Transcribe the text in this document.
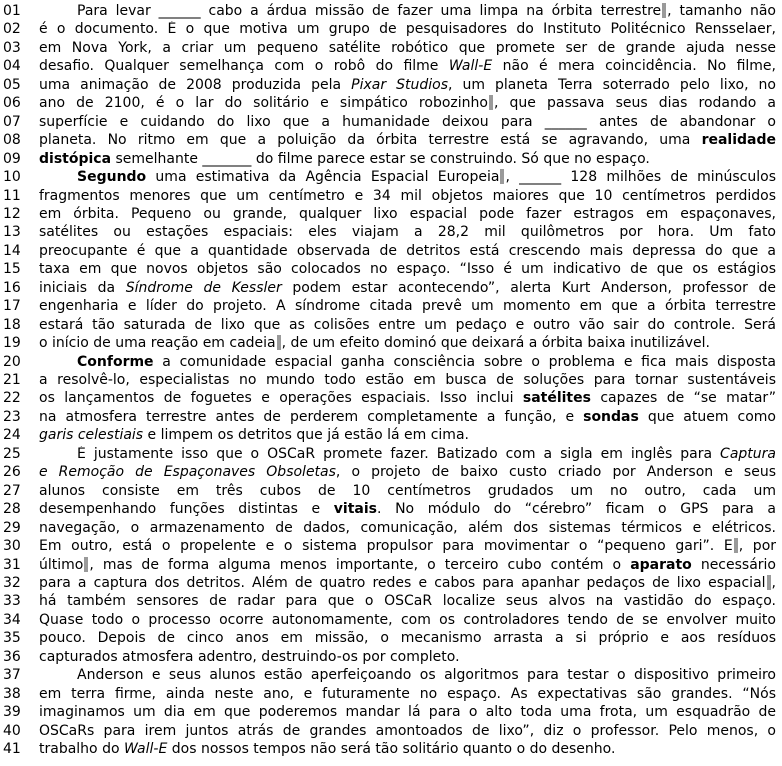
01	Para levar ______ cabo a árdua missão de fazer uma limpa na órbita terrestre , tamanho não
02 é o documento. É o que motiva um grupo de pesquisadores do Instituto Politécnico Rensselaer,
03 em Nova York, a criar um pequeno satélite robótico que promete ser de grande ajuda nesse
04 desafio. Qualquer semelhança com o robô do filme Wall-E não é mera coincidência. No filme,
05 uma animação de 2008 produzida pela Pixar Studios, um planeta Terra soterrado pelo lixo, no
06 ano de 2100, é o lar do solitário e simpático robozinho , que passava seus dias rodando a
07 superfície e cuidando do lixo que a humanidade deixou para ______ antes de abandonar o
08 planeta. No ritmo em que a poluição da órbita terrestre está se agravando, uma realidade
09 distópica semelhante _______ do filme parece estar se construindo. Só que no espaço.
10	Segundo uma estimativa da Agência Espacial Europeia , ______ 128 milhões de minúsculos
11 fragmentos menores que um centímetro e 34 mil objetos maiores que 10 centímetros perdidos
12 em órbita. Pequeno ou grande, qualquer lixo espacial pode fazer estragos em espaçonaves,
13 satélites ou estações espaciais: eles viajam a 28,2 mil quilômetros por hora. Um fato
14 preocupante é que a quantidade observada de detritos está crescendo mais depressa do que a
15 taxa em que novos objetos são colocados no espaço. “Isso é um indicativo de que os estágios
16 iniciais da Síndrome de Kessler podem estar acontecendo”, alerta Kurt Anderson, professor de
17 engenharia e líder do projeto. A síndrome citada prevê um momento em que a órbita terrestre
18 estará tão saturada de lixo que as colisões entre um pedaço e outro vão sair do controle. Será
19 o início de uma reação em cadeia , de um efeito dominó que deixará a órbita baixa inutilizável.
20	Conforme a comunidade espacial ganha consciência sobre o problema e fica mais disposta
21 a resolvê-lo, especialistas no mundo todo estão em busca de soluções para tornar sustentáveis
22 os lançamentos de foguetes e operações espaciais. Isso inclui satélites capazes de “se matar”
23 na atmosfera terrestre antes de perderem completamente a função, e sondas que atuem como
24 garis celestiais e limpem os detritos que já estão lá em cima.
25	É justamente isso que o OSCaR promete fazer. Batizado com a sigla em inglês para Captura
26 e Remoção de Espaçonaves Obsoletas, o projeto de baixo custo criado por Anderson e seus
27 alunos consiste em três cubos de 10 centímetros grudados um no outro, cada um
28 desempenhando funções distintas e vitais. No módulo do “cérebro” ficam o GPS para a
29 navegação, o armazenamento de dados, comunicação, além dos sistemas térmicos e elétricos.
30 Em outro, está o propelente e o sistema propulsor para movimentar o “pequeno gari”. E , por
31 último , mas de forma alguma menos importante, o terceiro cubo contém o aparato necessário
32 para a captura dos detritos. Além de quatro redes e cabos para apanhar pedaços de lixo espacial ,
33 há também sensores de radar para que o OSCaR localize seus alvos na vastidão do espaço.
34 Quase todo o processo ocorre autonomamente, com os controladores tendo de se envolver muito
35 pouco. Depois de cinco anos em missão, o mecanismo arrasta a si próprio e aos resíduos
36 capturados atmosfera adentro, destruindo-os por completo.
37	Anderson e seus alunos estão aperfeiçoando os algoritmos para testar o dispositivo primeiro
38 em terra firme, ainda neste ano, e futuramente no espaço. As expectativas são grandes. “Nós
39 imaginamos um dia em que poderemos mandar lá para o alto toda uma frota, um esquadrão de
40 OSCaRs para irem juntos atrás de grandes amontoados de lixo”, diz o professor. Pelo menos, o
41 trabalho do Wall-E dos nossos tempos não será tão solitário quanto o do desenho.
